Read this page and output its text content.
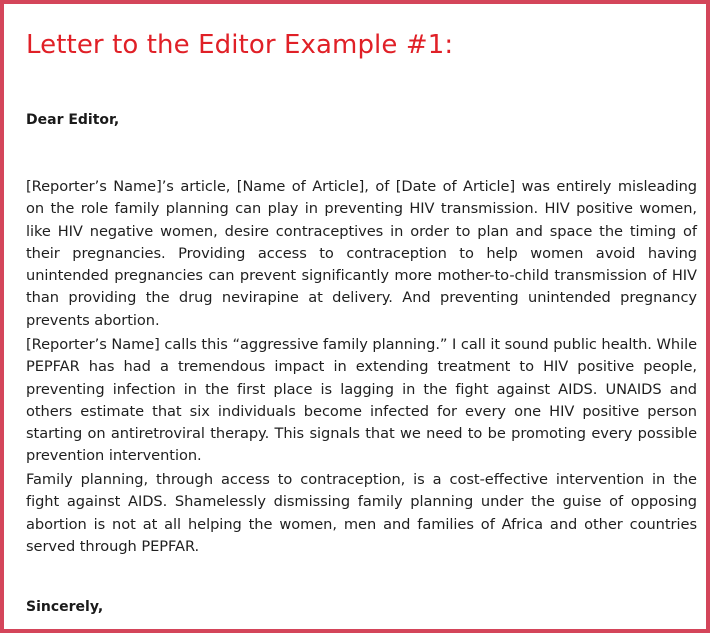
Letter to the Editor Example #1:

Dear Editor,

[Reporter’s Name]’s article, [Name of Article], of [Date of Article] was entirely misleading on the role family planning can play in preventing HIV transmission. HIV positive women, like HIV negative women, desire contraceptives in order to plan and space the timing of their pregnancies. Providing access to contraception to help women avoid having unintended pregnancies can prevent significantly more mother-to-child transmission of HIV than providing the drug nevirapine at delivery. And preventing unintended pregnancy prevents abortion.

[Reporter’s Name] calls this “aggressive family planning.” I call it sound public health. While PEPFAR has had a tremendous impact in extending treatment to HIV positive people, preventing infection in the first place is lagging in the fight against AIDS. UNAIDS and others estimate that six individuals become infected for every one HIV positive person starting on antiretroviral therapy. This signals that we need to be promoting every possible prevention intervention.

Family planning, through access to contraception, is a cost-effective intervention in the fight against AIDS. Shamelessly dismissing family planning under the guise of opposing abortion is not at all helping the women, men and families of Africa and other countries served through PEPFAR.

Sincerely,
